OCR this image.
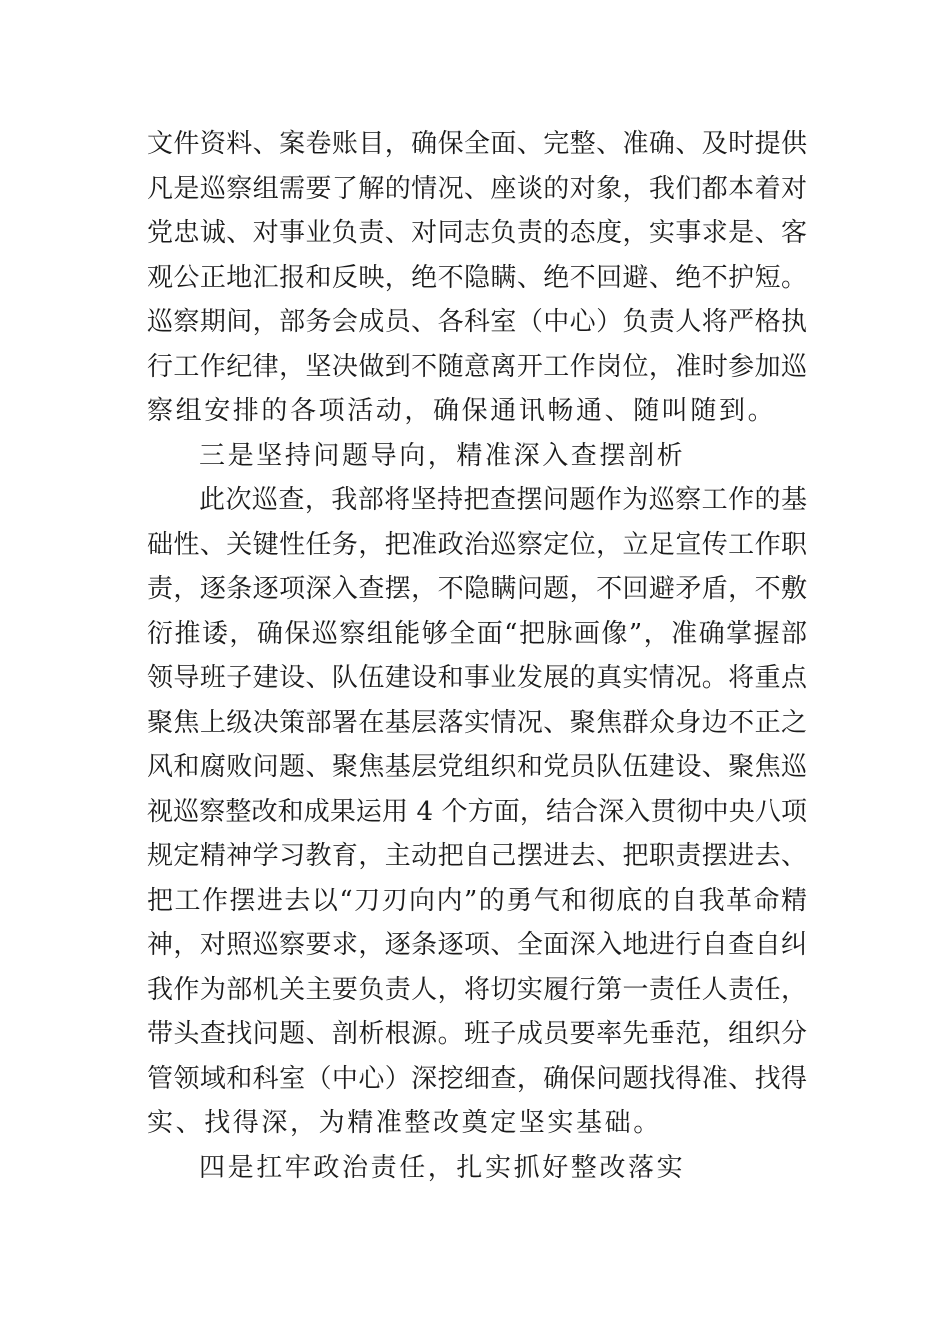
文件资料、案卷账目，确保全面、完整、准确、及时提供
凡是巡察组需要了解的情况、座谈的对象，我们都本着对
党忠诚、对事业负责、对同志负责的态度，实事求是、客
观公正地汇报和反映，绝不隐瞒、绝不回避、绝不护短。
巡察期间，部务会成员、各科室（中心）负责人将严格执
行工作纪律，坚决做到不随意离开工作岗位，准时参加巡
察组安排的各项活动，确保通讯畅通、随叫随到。
三是坚持问题导向，精准深入查摆剖析
此次巡查，我部将坚持把查摆问题作为巡察工作的基
础性、关键性任务，把准政治巡察定位，立足宣传工作职
责，逐条逐项深入查摆，不隐瞒问题，不回避矛盾，不敷
衍推诿，确保巡察组能够全面“把脉画像”，准确掌握部
领导班子建设、队伍建设和事业发展的真实情况。将重点
聚焦上级决策部署在基层落实情况、聚焦群众身边不正之
风和腐败问题、聚焦基层党组织和党员队伍建设、聚焦巡
视巡察整改和成果运用 4 个方面，结合深入贯彻中央八项
规定精神学习教育，主动把自己摆进去、把职责摆进去、
把工作摆进去以“刀刃向内”的勇气和彻底的自我革命精
神，对照巡察要求，逐条逐项、全面深入地进行自查自纠
我作为部机关主要负责人，将切实履行第一责任人责任，
带头查找问题、剖析根源。班子成员要率先垂范，组织分
管领域和科室（中心）深挖细查，确保问题找得准、找得
实、找得深，为精准整改奠定坚实基础。
四是扛牢政治责任，扎实抓好整改落实
